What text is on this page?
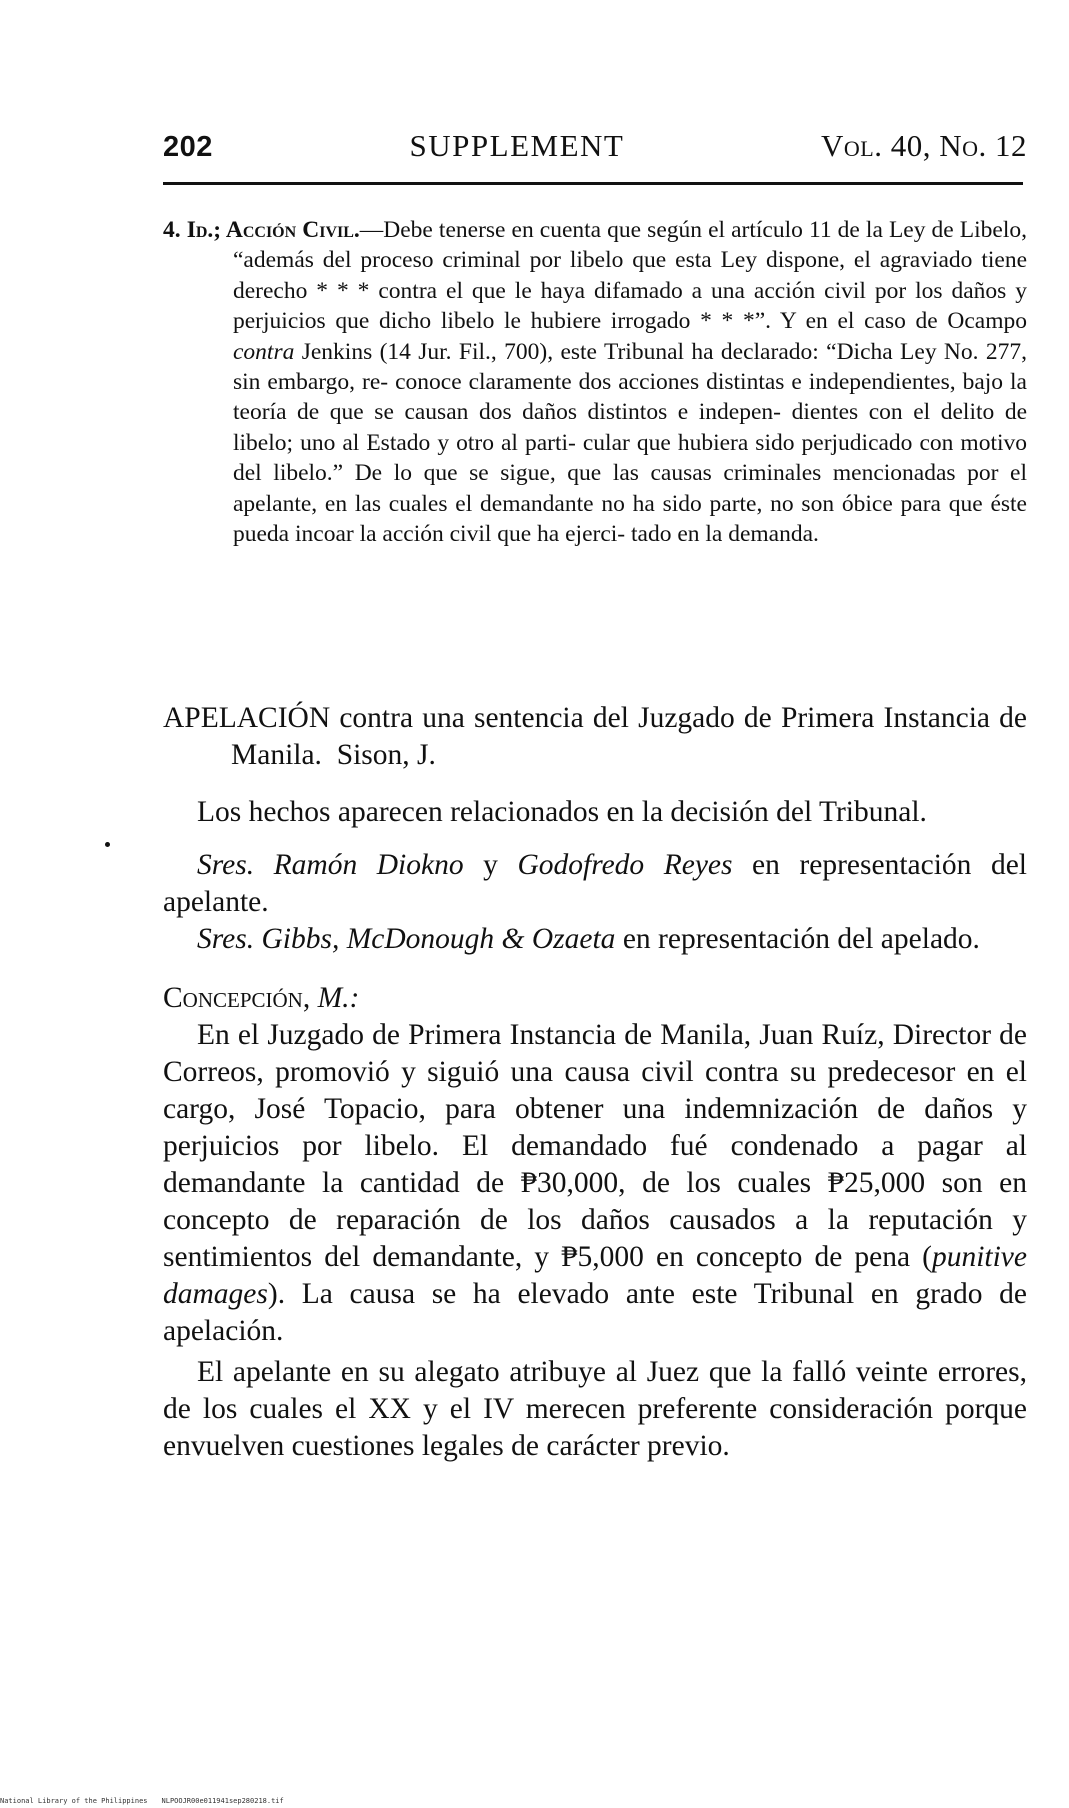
202	SUPPLEMENT	Vol. 40, No. 12

4. Id.; Acción Civil.—Debe tenerse en cuenta que según el artículo 11 de la Ley de Libelo, “además del proceso criminal por libelo que esta Ley dispone, el agraviado tiene derecho * * * contra el que le haya difamado a una acción civil por los daños y perjuicios que dicho libelo le hubiere irrogado * * *”. Y en el caso de Ocampo contra Jenkins (14 Jur. Fil., 700), este Tribunal ha declarado: “Dicha Ley No. 277, sin embargo, re- conoce claramente dos acciones distintas e independientes, bajo la teoría de que se causan dos daños distintos e indepen- dientes con el delito de libelo; uno al Estado y otro al parti- cular que hubiera sido perjudicado con motivo del libelo.” De lo que se sigue, que las causas criminales mencionadas por el apelante, en las cuales el demandante no ha sido parte, no son óbice para que éste pueda incoar la acción civil que ha ejerci- tado en la demanda.

APELACIÓN contra una sentencia del Juzgado de Primera Instancia de Manila. Sison, J.

Los hechos aparecen relacionados en la decisión del Tribunal.

Sres. Ramón Diokno y Godofredo Reyes en representación del apelante.

Sres. Gibbs, McDonough & Ozaeta en representación del apelado.

Concepción, M.:

En el Juzgado de Primera Instancia de Manila, Juan Ruíz, Director de Correos, promovió y siguió una causa civil contra su predecesor en el cargo, José Topacio, para obtener una indemnización de daños y perjuicios por libelo. El demandado fué condenado a pagar al demandante la cantidad de ₱30,000, de los cuales ₱25,000 son en concepto de reparación de los daños causados a la reputación y sentimientos del demandante, y ₱5,000 en concepto de pena (punitive damages). La causa se ha elevado ante este Tribunal en grado de apelación.

El apelante en su alegato atribuye al Juez que la falló veinte errores, de los cuales el XX y el IV merecen preferente consideración porque envuelven cuestiones legales de carácter previo.

National Library of the Philippines NLPOOJR00e011941sep280218.tif
